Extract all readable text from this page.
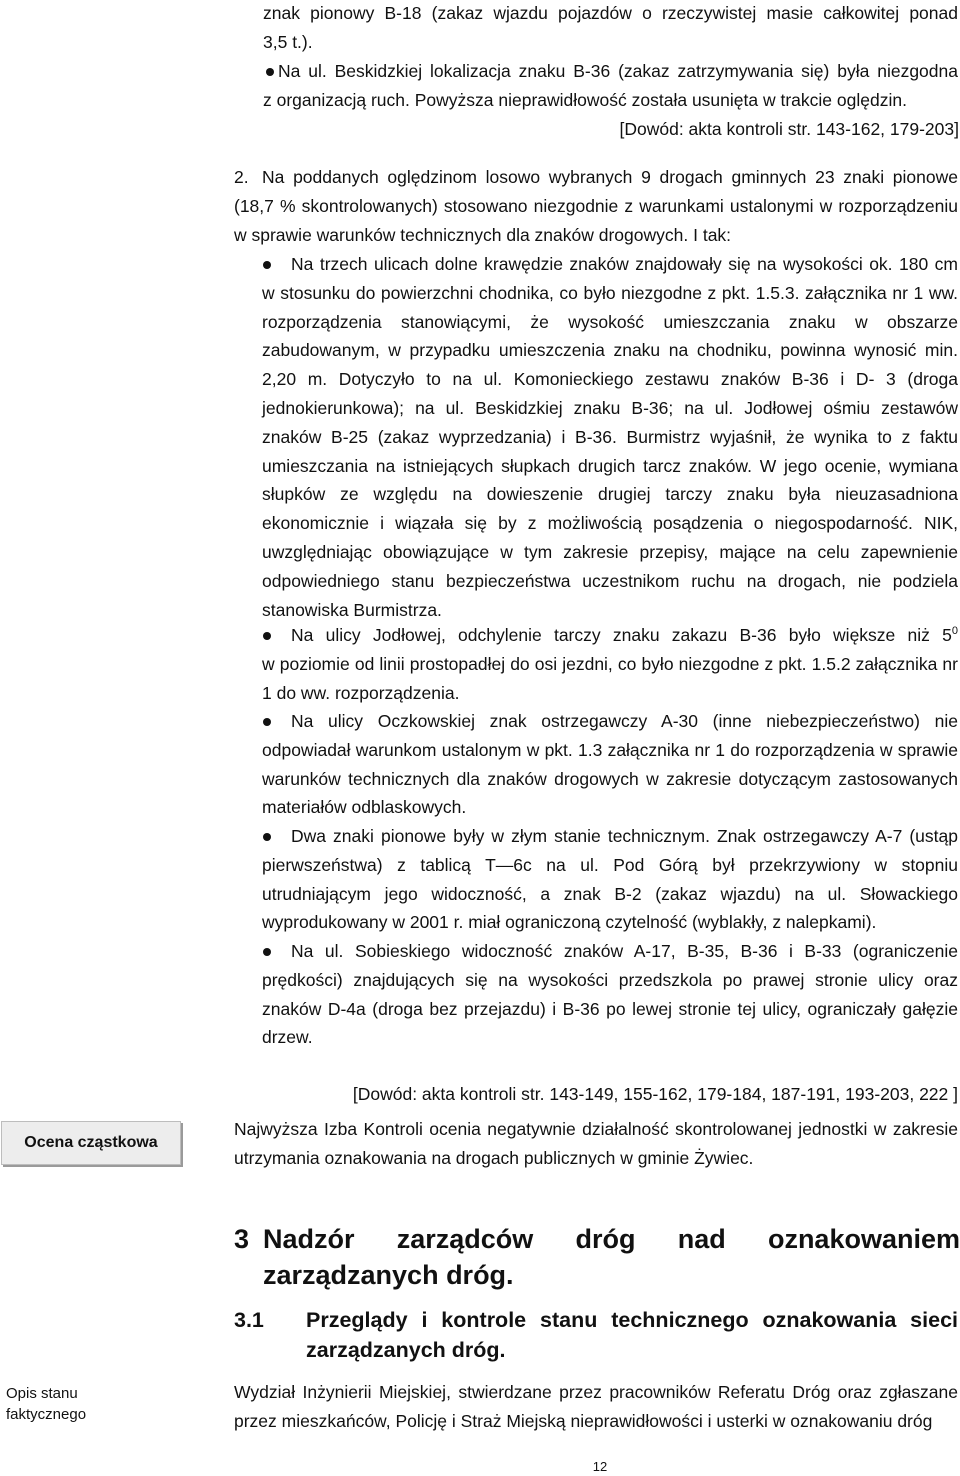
znak pionowy B-18 (zakaz wjazdu pojazdów o rzeczywistej masie całkowitej ponad
3,5 t.).
Na ul. Beskidzkiej lokalizacja znaku B-36 (zakaz zatrzymywania się) była niezgodna
z organizacją ruch. Powyższa nieprawidłowość została usunięta w trakcie oględzin.
[Dowód: akta kontroli str. 143-162, 179-203]
2. Na poddanych oględzinom losowo wybranych 9 drogach gminnych 23 znaki pionowe
(18,7 % skontrolowanych) stosowano niezgodnie z warunkami ustalonymi w rozporządzeniu w sprawie warunków technicznych dla znaków drogowych. I tak:
Na trzech ulicach dolne krawędzie znaków znajdowały się na wysokości ok. 180 cm
w stosunku do powierzchni chodnika, co było niezgodne z pkt. 1.5.3. załącznika nr 1 ww. rozporządzenia stanowiącymi, że wysokość umieszczania znaku w obszarze zabudowanym, w przypadku umieszczenia znaku na chodniku, powinna wynosić min. 2,20 m. Dotyczyło to na ul. Komonieckiego zestawu znaków B-36 i D- 3 (droga jednokierunkowa); na ul. Beskidzkiej znaku B-36; na ul. Jodłowej ośmiu zestawów znaków B-25 (zakaz wyprzedzania) i B-36. Burmistrz wyjaśnił, że wynika to z faktu umieszczania na istniejących słupkach drugich tarcz znaków. W jego ocenie, wymiana słupków ze względu na dowieszenie drugiej tarczy znaku była nieuzasadniona ekonomicznie i wiązała się by z możliwością posądzenia o niegospodarność. NIK, uwzględniając obowiązujące w tym zakresie przepisy, mające na celu zapewnienie odpowiedniego stanu bezpieczeństwa uczestnikom ruchu na drogach, nie podziela stanowiska Burmistrza.
Na ulicy Jodłowej, odchylenie tarczy znaku zakazu B-36 było większe niż $5^0$
w poziomie od linii prostopadłej do osi jezdni, co było niezgodne z pkt. 1.5.2 załącznika nr 1 do ww. rozporządzenia.
Na ulicy Oczkowskiej znak ostrzegawczy A-30 (inne niebezpieczeństwo) nie
odpowiadał warunkom ustalonym w pkt. 1.3 załącznika nr 1 do rozporządzenia w sprawie warunków technicznych dla znaków drogowych w zakresie dotyczącym zastosowanych materiałów odblaskowych.
Dwa znaki pionowe były w złym stanie technicznym. Znak ostrzegawczy A-7 (ustąp
pierwszeństwa) z tablicą T—6c na ul. Pod Górą był przekrzywiony w stopniu utrudniającym jego widoczność, a znak B-2 (zakaz wjazdu) na ul. Słowackiego wyprodukowany w 2001 r. miał ograniczoną czytelność (wyblakły, z nalepkami).
Na ul. Sobieskiego widoczność znaków A-17, B-35, B-36 i B-33 (ograniczenie
prędkości) znajdujących się na wysokości przedszkola po prawej stronie ulicy oraz znaków D-4a (droga bez przejazdu) i B-36 po lewej stronie tej ulicy, ograniczały gałęzie drzew.
[Dowód: akta kontroli str. 143-149, 155-162, 179-184, 187-191, 193-203, 222 ]
Ocena cząstkowa
Najwyższa Izba Kontroli ocenia negatywnie działalność skontrolowanej jednostki w zakresie utrzymania oznakowania na drogach publicznych w gminie Żywiec.
3 Nadzór zarządców dróg nad oznakowaniem zarządzanych dróg.
3.1 Przeglądy i kontrole stanu technicznego oznakowania sieci zarządzanych dróg.
Opis stanu faktycznego
Wydział Inżynierii Miejskiej, stwierdzane przez pracowników Referatu Dróg oraz zgłaszane przez mieszkańców, Policję i Straż Miejską nieprawidłowości i usterki w oznakowaniu dróg
12
